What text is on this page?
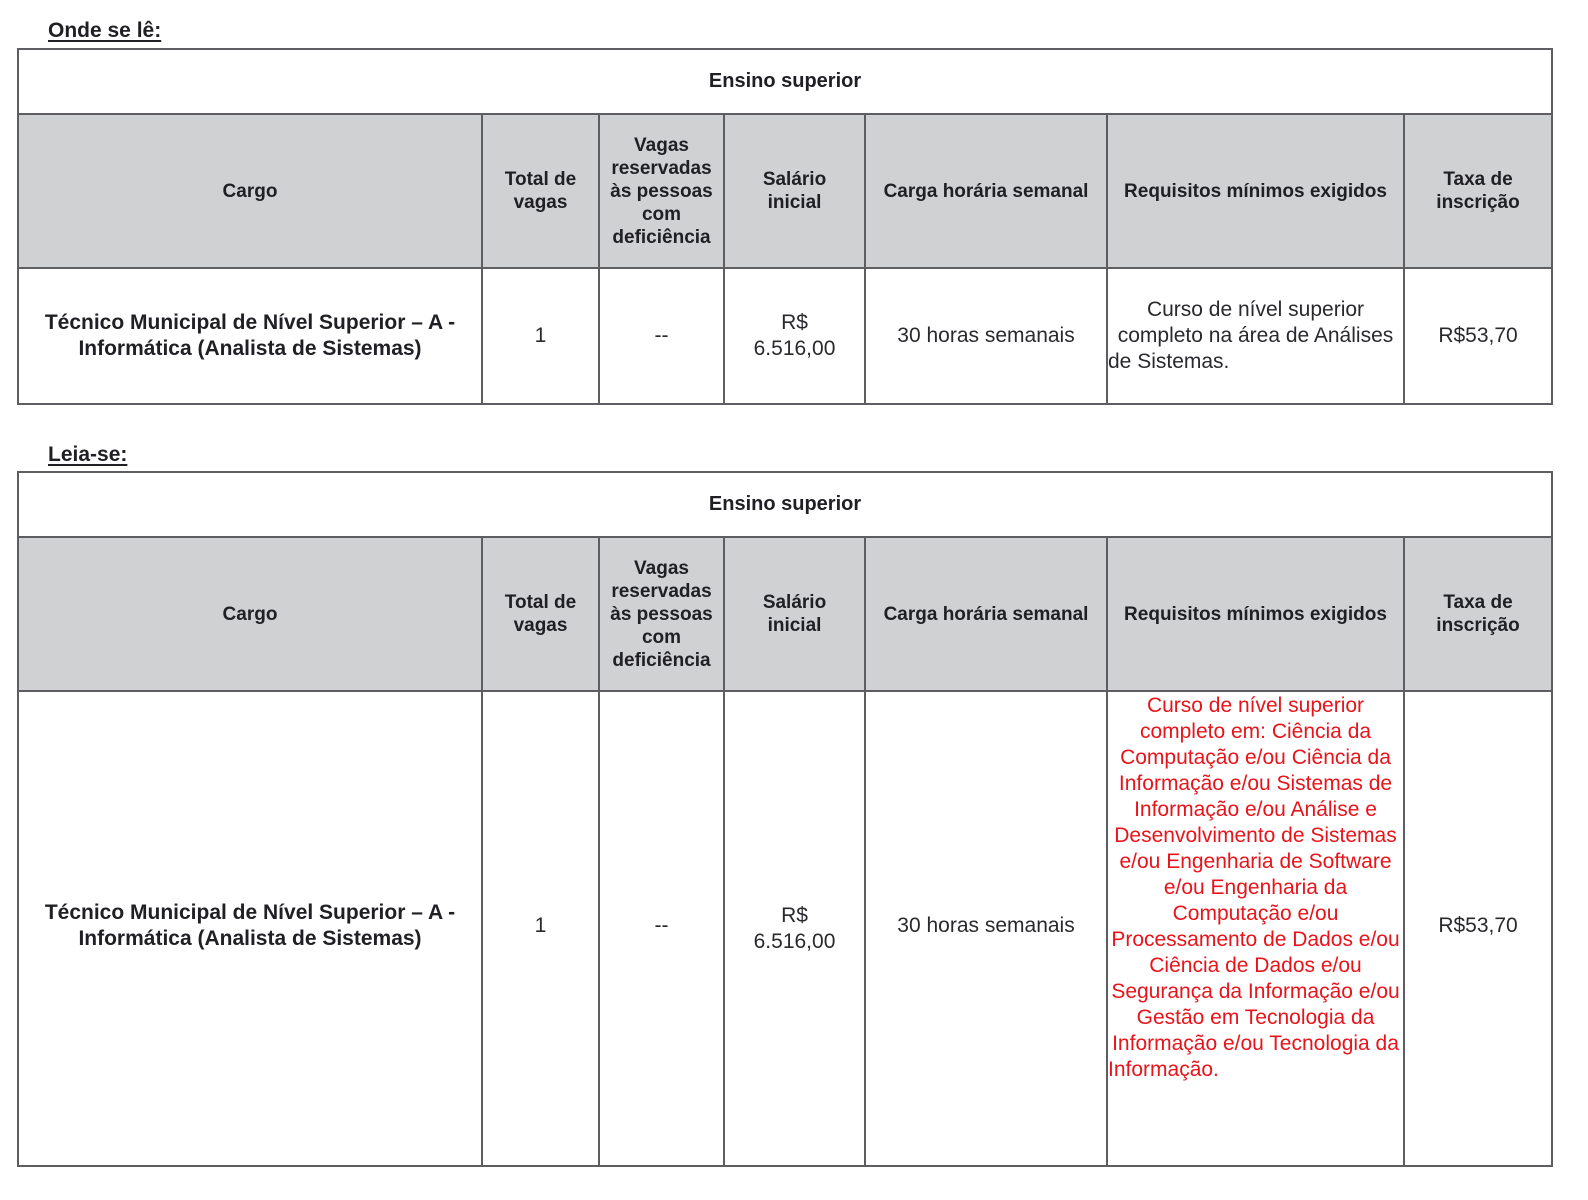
Onde se lê:

Ensino superior						
Cargo	Total de vagas	Vagas reservadas às pessoas com deficiência	Salário inicial	Carga horária semanal	Requisitos mínimos exigidos	Taxa de inscrição
Técnico Municipal de Nível Superior – A - Informática (Analista de Sistemas)	1	--	R$ 6.516,00	30 horas semanais	Curso de nível superior completo na área de Análises de Sistemas.	R$53,70

Leia-se:

Ensino superior						
Cargo	Total de vagas	Vagas reservadas às pessoas com deficiência	Salário inicial	Carga horária semanal	Requisitos mínimos exigidos	Taxa de inscrição
Técnico Municipal de Nível Superior – A - Informática (Analista de Sistemas)	1	--	R$ 6.516,00	30 horas semanais	Curso de nível superior completo em: Ciência da Computação e/ou Ciência da Informação e/ou Sistemas de Informação e/ou Análise e Desenvolvimento de Sistemas e/ou Engenharia de Software e/ou Engenharia da Computação e/ou Processamento de Dados e/ou Ciência de Dados e/ou Segurança da Informação e/ou Gestão em Tecnologia da Informação e/ou Tecnologia da Informação.	R$53,70
